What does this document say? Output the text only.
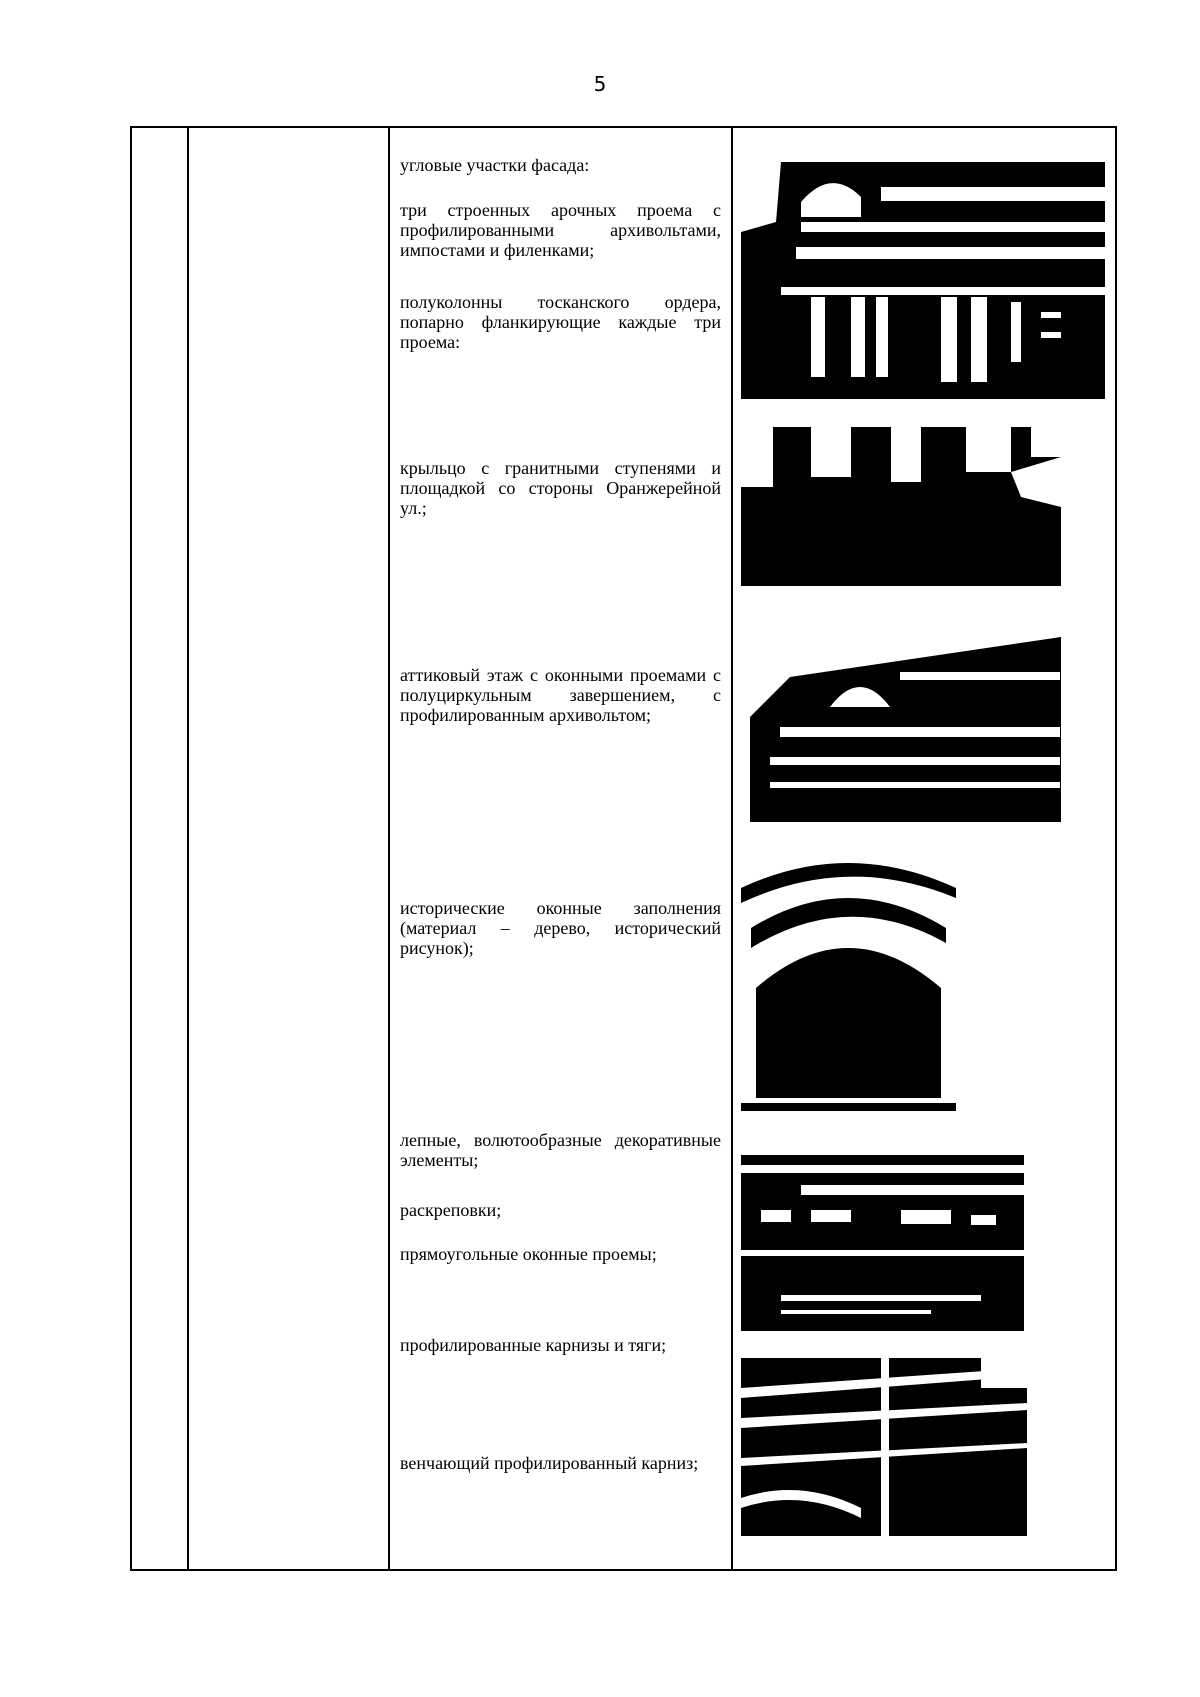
5

угловые участки фасада:

три строенных арочных проема с профилированными архивольтами, импостами и филенками;

полуколонны тосканского ордера, попарно фланкирующие каждые три проема:

крыльцо с гранитными ступенями и площадкой со стороны Оранжерейной ул.;

аттиковый этаж с оконными проемами с полуциркульным завершением, с профилированным архивольтом;

исторические оконные заполнения (материал – дерево, исторический рисунок);

лепные, волютообразные декоративные элементы;

раскреповки;

прямоугольные оконные проемы;

профилированные карнизы и тяги;

венчающий профилированный карниз;
